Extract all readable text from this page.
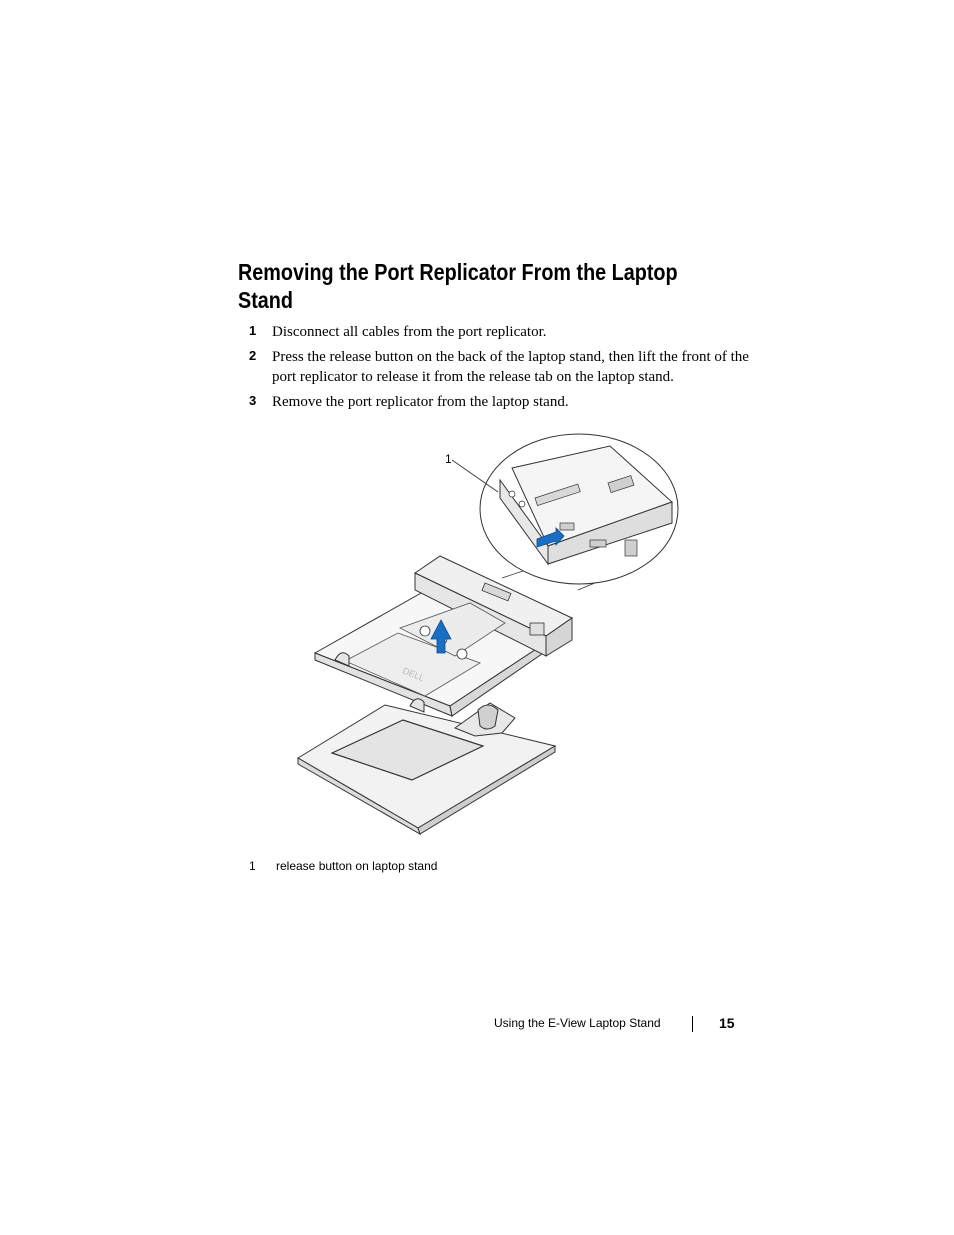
Removing the Port Replicator From the Laptop Stand
1 Disconnect all cables from the port replicator.
2 Press the release button on the back of the laptop stand, then lift the front of the port replicator to release it from the release tab on the laptop stand.
3 Remove the port replicator from the laptop stand.
DELL
1
1 release button on laptop stand
Using the E-View Laptop Stand	15
